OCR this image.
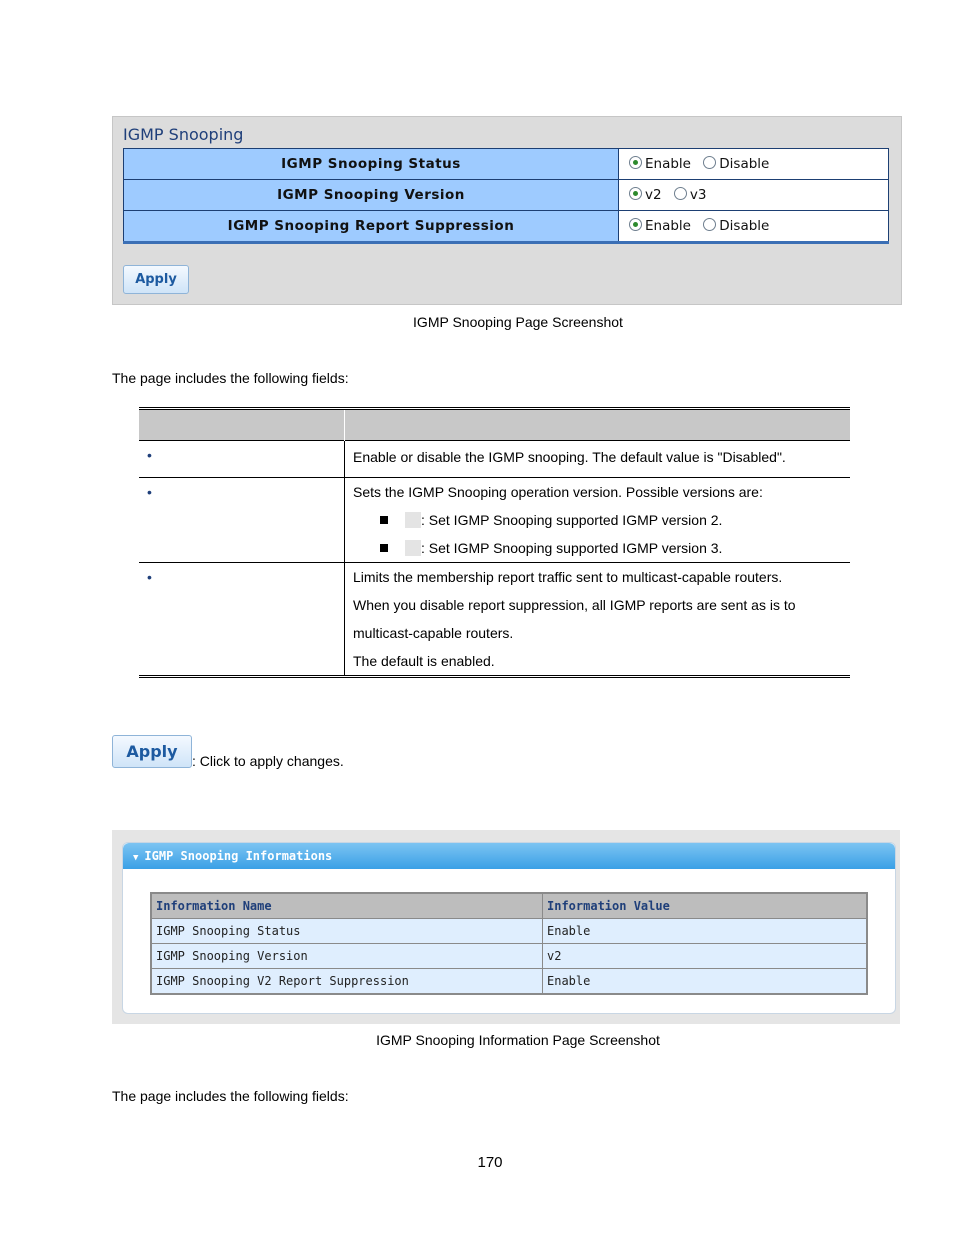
IGMP Snooping
IGMP Snooping Status	Enable Disable
IGMP Snooping Version	v2 v3
IGMP Snooping Report Suppression	Enable Disable
Apply
IGMP Snooping Page Screenshot
The page includes the following fields:

•	Enable or disable the IGMP snooping. The default value is "Disabled".

•	Sets the IGMP Snooping operation version. Possible versions are:
: Set IGMP Snooping supported IGMP version 2.
: Set IGMP Snooping supported IGMP version 3.

•	Limits the membership report traffic sent to multicast-capable routers.
When you disable report suppression, all IGMP reports are sent as is to
multicast-capable routers.
The default is enabled.
Apply	: Click to apply changes.
▼ IGMP Snooping Informations
Information Name	Information Value
IGMP Snooping Status	Enable
IGMP Snooping Version	v2
IGMP Snooping V2 Report Suppression	Enable
IGMP Snooping Information Page Screenshot
The page includes the following fields:
170
